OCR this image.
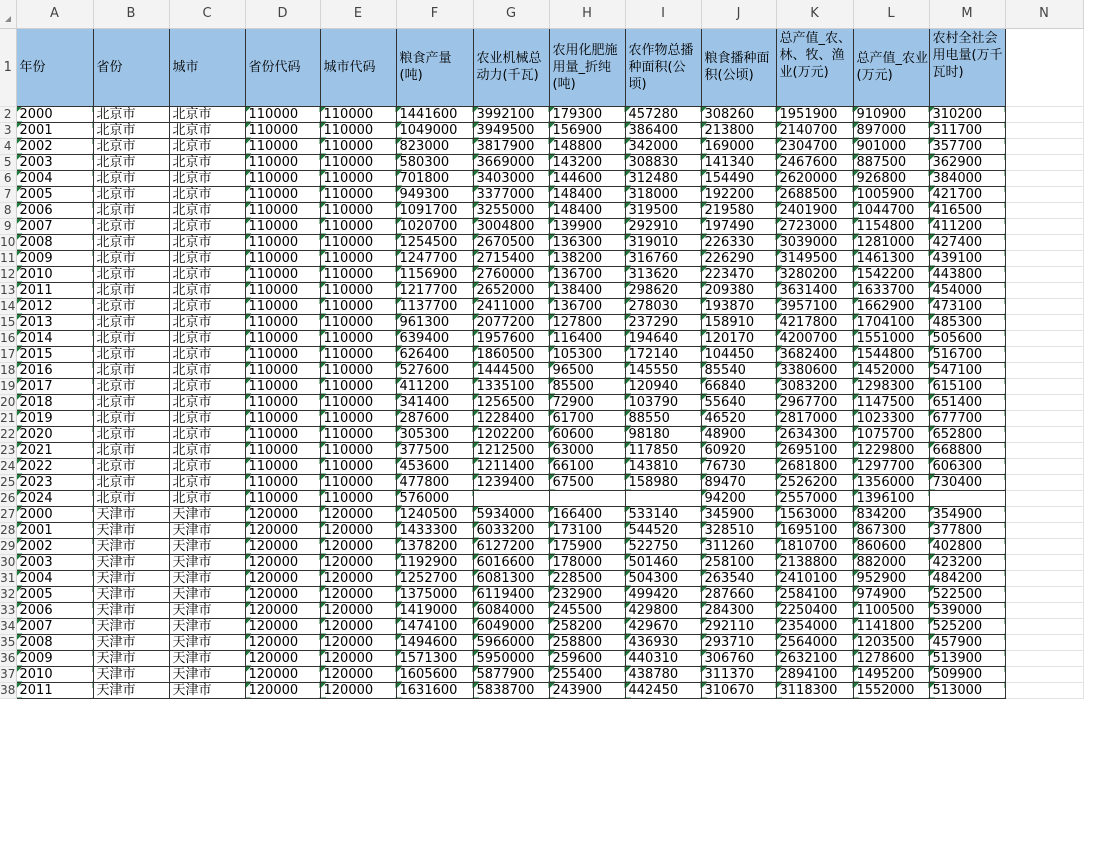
	A	B	C	D	E	F	G	H	I	J	K	L	M	N
1	年份	省份	城市	省份代码	城市代码	粮食产量(吨)	农业机械总动力(千瓦)	农用化肥施用量_折纯(吨)	农作物总播种面积(公顷)	粮食播种面积(公顷)	总产值_农、林、牧、渔业(万元)	总产值_农业(万元)	农村全社会用电量(万千瓦时)	
2	2000	北京市	北京市	110000	110000	1441600	3992100	179300	457280	308260	1951900	910900	310200	
3	2001	北京市	北京市	110000	110000	1049000	3949500	156900	386400	213800	2140700	897000	311700	
4	2002	北京市	北京市	110000	110000	823000	3817900	148800	342000	169000	2304700	901000	357700	
5	2003	北京市	北京市	110000	110000	580300	3669000	143200	308830	141340	2467600	887500	362900	
6	2004	北京市	北京市	110000	110000	701800	3403000	144600	312480	154490	2620000	926800	384000	
7	2005	北京市	北京市	110000	110000	949300	3377000	148400	318000	192200	2688500	1005900	421700	
8	2006	北京市	北京市	110000	110000	1091700	3255000	148400	319500	219580	2401900	1044700	416500	
9	2007	北京市	北京市	110000	110000	1020700	3004800	139900	292910	197490	2723000	1154800	411200	
10	2008	北京市	北京市	110000	110000	1254500	2670500	136300	319010	226330	3039000	1281000	427400	
11	2009	北京市	北京市	110000	110000	1247700	2715400	138200	316760	226290	3149500	1461300	439100	
12	2010	北京市	北京市	110000	110000	1156900	2760000	136700	313620	223470	3280200	1542200	443800	
13	2011	北京市	北京市	110000	110000	1217700	2652000	138400	298620	209380	3631400	1633700	454000	
14	2012	北京市	北京市	110000	110000	1137700	2411000	136700	278030	193870	3957100	1662900	473100	
15	2013	北京市	北京市	110000	110000	961300	2077200	127800	237290	158910	4217800	1704100	485300	
16	2014	北京市	北京市	110000	110000	639400	1957600	116400	194640	120170	4200700	1551000	505600	
17	2015	北京市	北京市	110000	110000	626400	1860500	105300	172140	104450	3682400	1544800	516700	
18	2016	北京市	北京市	110000	110000	527600	1444500	96500	145550	85540	3380600	1452000	547100	
19	2017	北京市	北京市	110000	110000	411200	1335100	85500	120940	66840	3083200	1298300	615100	
20	2018	北京市	北京市	110000	110000	341400	1256500	72900	103790	55640	2967700	1147500	651400	
21	2019	北京市	北京市	110000	110000	287600	1228400	61700	88550	46520	2817000	1023300	677700	
22	2020	北京市	北京市	110000	110000	305300	1202200	60600	98180	48900	2634300	1075700	652800	
23	2021	北京市	北京市	110000	110000	377500	1212500	63000	117850	60920	2695100	1229800	668800	
24	2022	北京市	北京市	110000	110000	453600	1211400	66100	143810	76730	2681800	1297700	606300	
25	2023	北京市	北京市	110000	110000	477800	1239400	67500	158980	89470	2526200	1356000	730400	
26	2024	北京市	北京市	110000	110000	576000				94200	2557000	1396100		
27	2000	天津市	天津市	120000	120000	1240500	5934000	166400	533140	345900	1563000	834200	354900	
28	2001	天津市	天津市	120000	120000	1433300	6033200	173100	544520	328510	1695100	867300	377800	
29	2002	天津市	天津市	120000	120000	1378200	6127200	175900	522750	311260	1810700	860600	402800	
30	2003	天津市	天津市	120000	120000	1192900	6016600	178000	501460	258100	2138800	882000	423200	
31	2004	天津市	天津市	120000	120000	1252700	6081300	228500	504300	263540	2410100	952900	484200	
32	2005	天津市	天津市	120000	120000	1375000	6119400	232900	499420	287660	2584100	974900	522500	
33	2006	天津市	天津市	120000	120000	1419000	6084000	245500	429800	284300	2250400	1100500	539000	
34	2007	天津市	天津市	120000	120000	1474100	6049000	258200	429670	292110	2354000	1141800	525200	
35	2008	天津市	天津市	120000	120000	1494600	5966000	258800	436930	293710	2564000	1203500	457900	
36	2009	天津市	天津市	120000	120000	1571300	5950000	259600	440310	306760	2632100	1278600	513900	
37	2010	天津市	天津市	120000	120000	1605600	5877900	255400	438780	311370	2894100	1495200	509900	
38	2011	天津市	天津市	120000	120000	1631600	5838700	243900	442450	310670	3118300	1552000	513000	
